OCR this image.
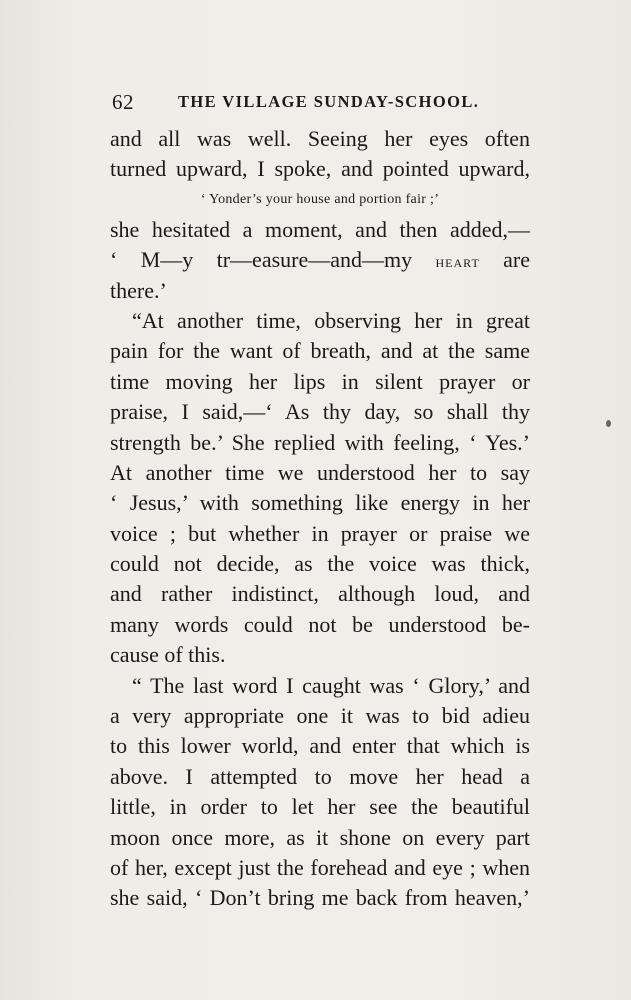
62	THE VILLAGE SUNDAY-SCHOOL.
and all was well. Seeing her eyes often
turned upward, I spoke, and pointed upward,
‘ Yonder’s your house and portion fair ;’
she hesitated a moment, and then added,—
‘ M—y tr—easure—and—my heart are
there.’
“At another time, observing her in great
pain for the want of breath, and at the same
time moving her lips in silent prayer or
praise, I said,—‘ As thy day, so shall thy
strength be.’ She replied with feeling, ‘ Yes.’
At another time we understood her to say
‘ Jesus,’ with something like energy in her
voice ; but whether in prayer or praise we
could not decide, as the voice was thick,
and rather indistinct, although loud, and
many words could not be understood be-
cause of this.
“ The last word I caught was ‘ Glory,’ and
a very appropriate one it was to bid adieu
to this lower world, and enter that which is
above. I attempted to move her head a
little, in order to let her see the beautiful
moon once more, as it shone on every part
of her, except just the forehead and eye ; when
she said, ‘ Don’t bring me back from heaven,’
